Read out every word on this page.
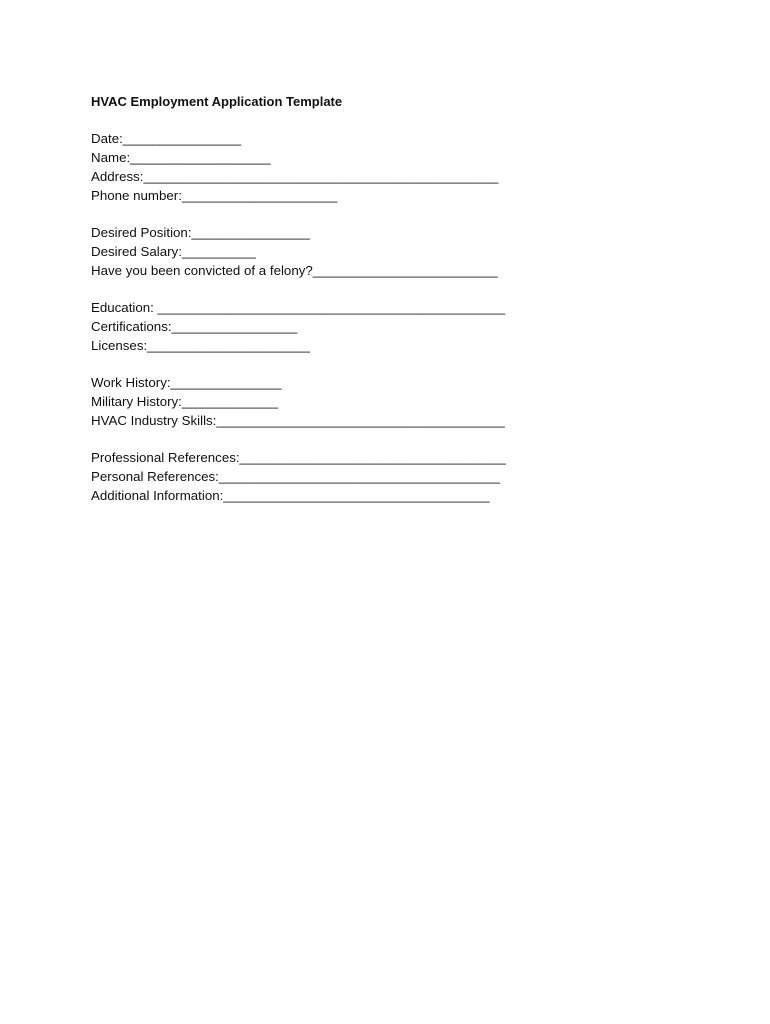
HVAC Employment Application Template
Date:________________
Name:___________________
Address:________________________________________________
Phone number:_____________________
Desired Position:________________
Desired Salary:__________
Have you been convicted of a felony?_________________________
Education: _______________________________________________
Certifications:_________________
Licenses:______________________
Work History:_______________
Military History:_____________
HVAC Industry Skills:_______________________________________
Professional References:____________________________________
Personal References:______________________________________
Additional Information:____________________________________
